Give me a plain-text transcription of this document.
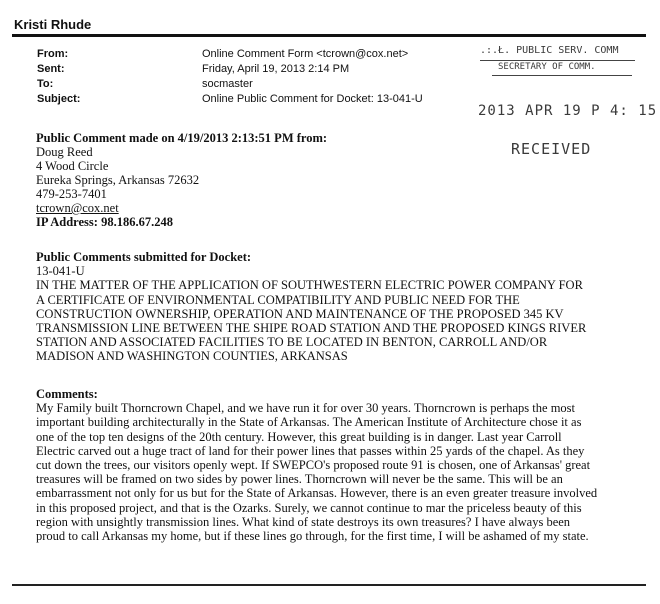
Kristi Rhude
From:	Online Comment Form <tcrown@cox.net>
Sent:	Friday, April 19, 2013 2:14 PM
To:	socmaster
Subject:	Online Public Comment for Docket: 13-041-U
.:.Ł. PUBLIC SERV. COMM
SECRETARY OF COMM.
2013 APR 19 P 4: 15
RECEIVED
Public Comment made on 4/19/2013 2:13:51 PM from:
Doug Reed
4 Wood Circle
Eureka Springs, Arkansas 72632
479-253-7401
tcrown@cox.net
IP Address: 98.186.67.248
Public Comments submitted for Docket:
13-041-U
IN THE MATTER OF THE APPLICATION OF SOUTHWESTERN ELECTRIC POWER COMPANY FOR
A CERTIFICATE OF ENVIRONMENTAL COMPATIBILITY AND PUBLIC NEED FOR THE
CONSTRUCTION OWNERSHIP, OPERATION AND MAINTENANCE OF THE PROPOSED 345 KV
TRANSMISSION LINE BETWEEN THE SHIPE ROAD STATION AND THE PROPOSED KINGS RIVER
STATION AND ASSOCIATED FACILITIES TO BE LOCATED IN BENTON, CARROLL AND/OR
MADISON AND WASHINGTON COUNTIES, ARKANSAS
Comments:
My Family built Thorncrown Chapel, and we have run it for over 30 years. Thorncrown is perhaps the most
important building architecturally in the State of Arkansas. The American Institute of Architecture chose it as
one of the top ten designs of the 20th century. However, this great building is in danger. Last year Carroll
Electric carved out a huge tract of land for their power lines that passes within 25 yards of the chapel. As they
cut down the trees, our visitors openly wept. If SWEPCO's proposed route 91 is chosen, one of Arkansas' great
treasures will be framed on two sides by power lines. Thorncrown will never be the same. This will be an
embarrassment not only for us but for the State of Arkansas. However, there is an even greater treasure involved
in this proposed project, and that is the Ozarks. Surely, we cannot continue to mar the priceless beauty of this
region with unsightly transmission lines. What kind of state destroys its own treasures? I have always been
proud to call Arkansas my home, but if these lines go through, for the first time, I will be ashamed of my state.
